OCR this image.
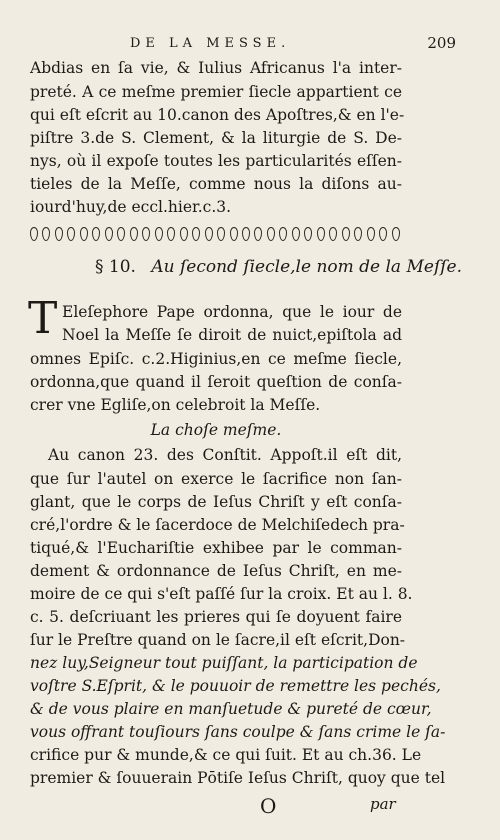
DE LA MESSE.	209
Abdias en ſa vie, & Iulius Africanus l'a inter-
preté. A ce meſme premier ſiecle appartient ce
qui eſt eſcrit au 10.canon des Apoſtres,& en l'e-
piſtre 3.de S. Clement, & la liturgie de S. De-
nys, où il expoſe toutes les particularités eſſen-
tieles de la Meſſe, comme nous la diſons au-
iourd'huy,de eccl.hier.c.3.
§ 10. Au ſecond ſiecle,le nom de la Meſſe.
T Eleſephore Pape ordonna, que le iour de
Noel la Meſſe ſe diroit de nuict,epiſtola ad
omnes Epiſc. c.2.Higinius,en ce meſme ſiecle,
ordonna,que quand il ſeroit queſtion de conſa-
crer vne Egliſe,on celebroit la Meſſe.
La choſe meſme.
Au canon 23. des Conſtit. Appoſt.il eſt dit,
que ſur l'autel on exerce le ſacrifice non ſan-
glant, que le corps de Ieſus Chriſt y eſt conſa-
cré,l'ordre & le ſacerdoce de Melchiſedech pra-
tiqué,& l'Euchariſtie exhibee par le comman-
dement & ordonnance de Ieſus Chriſt, en me-
moire de ce qui s'eſt paſſé ſur la croix. Et au l. 8.
c. 5. deſcriuant les prieres qui ſe doyuent faire
ſur le Preſtre quand on le ſacre,il eſt eſcrit,Don-
nez luy,Seigneur tout puiſſant, la participation de
voſtre S.Eſprit, & le pouuoir de remettre les pechés,
& de vous plaire en manſuetude & pureté de cœur,
vous offrant touſiours ſans coulpe & ſans crime le ſa-
crifice pur & munde,& ce qui ſuit. Et au ch.36. Le
premier & ſouuerain Pōtiſe Ieſus Chriſt, quoy que tel
O	par
